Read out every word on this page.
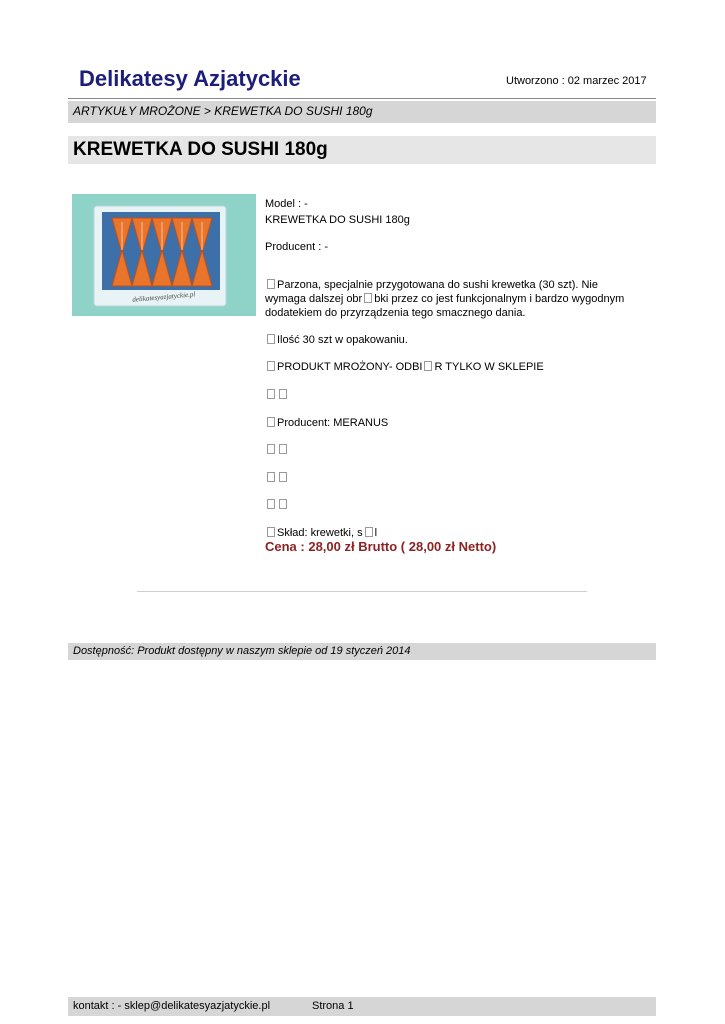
Delikatesy Azjatyckie	Utworzono : 02 marzec 2017
ARTYKUŁY MROŻONE > KREWETKA DO SUSHI 180g
KREWETKA DO SUSHI 180g
delikatesyazjatyckie.pl
Model : -
KREWETKA DO SUSHI 180g
Producent : -
Parzona, specjalnie przygotowana do sushi krewetka (30 szt). Nie wymaga dalszej obr bki przez co jest funkcjonalnym i bardzo wygodnym dodatekiem do przyrządzenia tego smacznego dania.
Ilość 30 szt w opakowaniu.
PRODUKT MROŻONY- ODBI R TYLKO W SKLEPIE
Producent: MERANUS
Skład: krewetki, s l
Cena : 28,00 zł Brutto ( 28,00 zł Netto)
Dostępność: Produkt dostępny w naszym sklepie od 19 styczeń 2014
kontakt : - sklep@delikatesyazjatyckie.pl	Strona 1
